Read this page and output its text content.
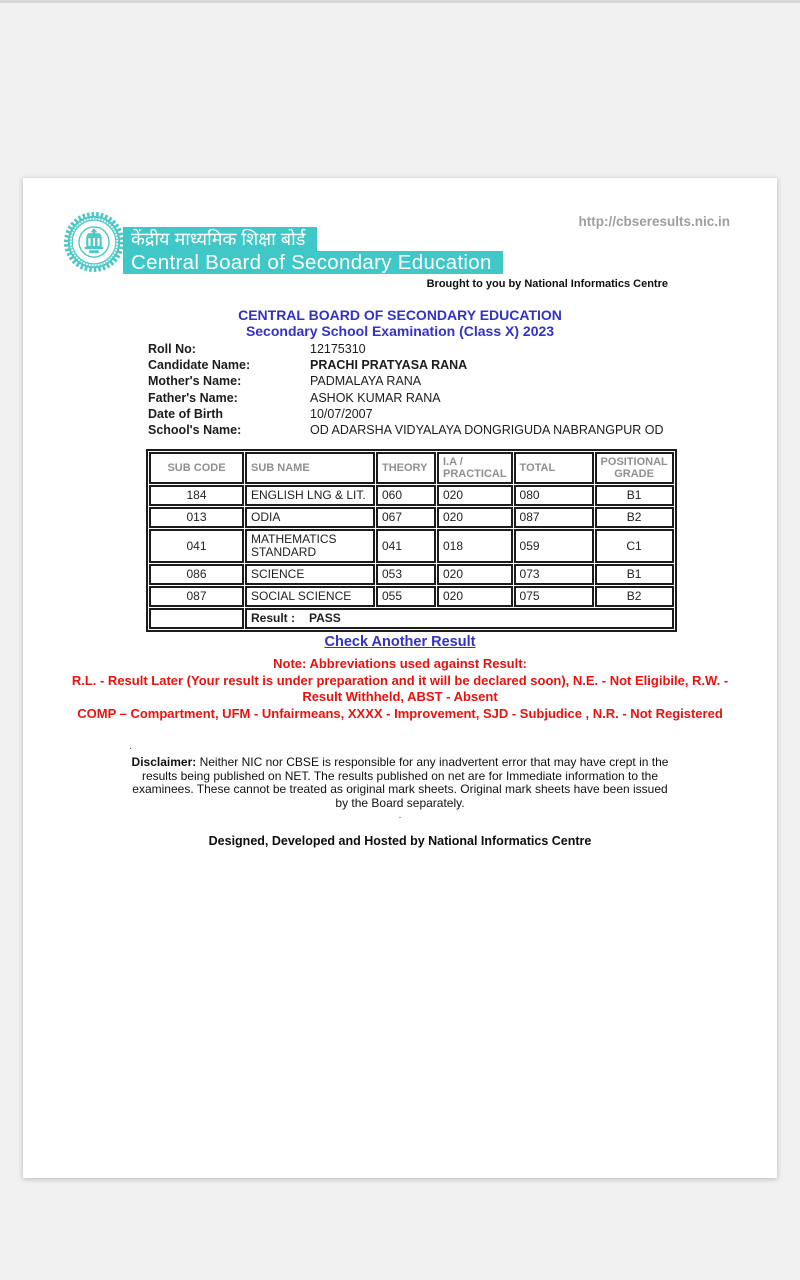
केंद्रीय माध्यमिक शिक्षा बोर्ड
Central Board of Secondary Education
http://cbseresults.nic.in
Brought to you by National Informatics Centre
CENTRAL BOARD OF SECONDARY EDUCATION
Secondary School Examination (Class X) 2023
Roll No:	12175310
Candidate Name:	PRACHI PRATYASA RANA
Mother's Name:	PADMALAYA RANA
Father's Name:	ASHOK KUMAR RANA
Date of Birth	10/07/2007
School's Name:	OD ADARSHA VIDYALAYA DONGRIGUDA NABRANGPUR OD
SUB CODE	SUB NAME	THEORY	I.A / PRACTICAL	TOTAL	POSITIONAL GRADE
184	ENGLISH LNG & LIT.	060	020	080	B1
013	ODIA	067	020	087	B2
041	MATHEMATICS STANDARD	041	018	059	C1
086	SCIENCE	053	020	073	B1
087	SOCIAL SCIENCE	055	020	075	B2
	Result : PASS				
Check Another Result
Note: Abbreviations used against Result:
R.L. - Result Later (Your result is under preparation and it will be declared soon), N.E. - Not Eligibile, R.W. -
Result Withheld, ABST - Absent
COMP – Compartment, UFM - Unfairmeans, XXXX - Improvement, SJD - Subjudice , N.R. - Not Registered
.
Disclaimer: Neither NIC nor CBSE is responsible for any inadvertent error that may have crept in the results being published on NET. The results published on net are for Immediate information to the examinees. These cannot be treated as original mark sheets. Original mark sheets have been issued by the Board separately.
.
Designed, Developed and Hosted by National Informatics Centre
